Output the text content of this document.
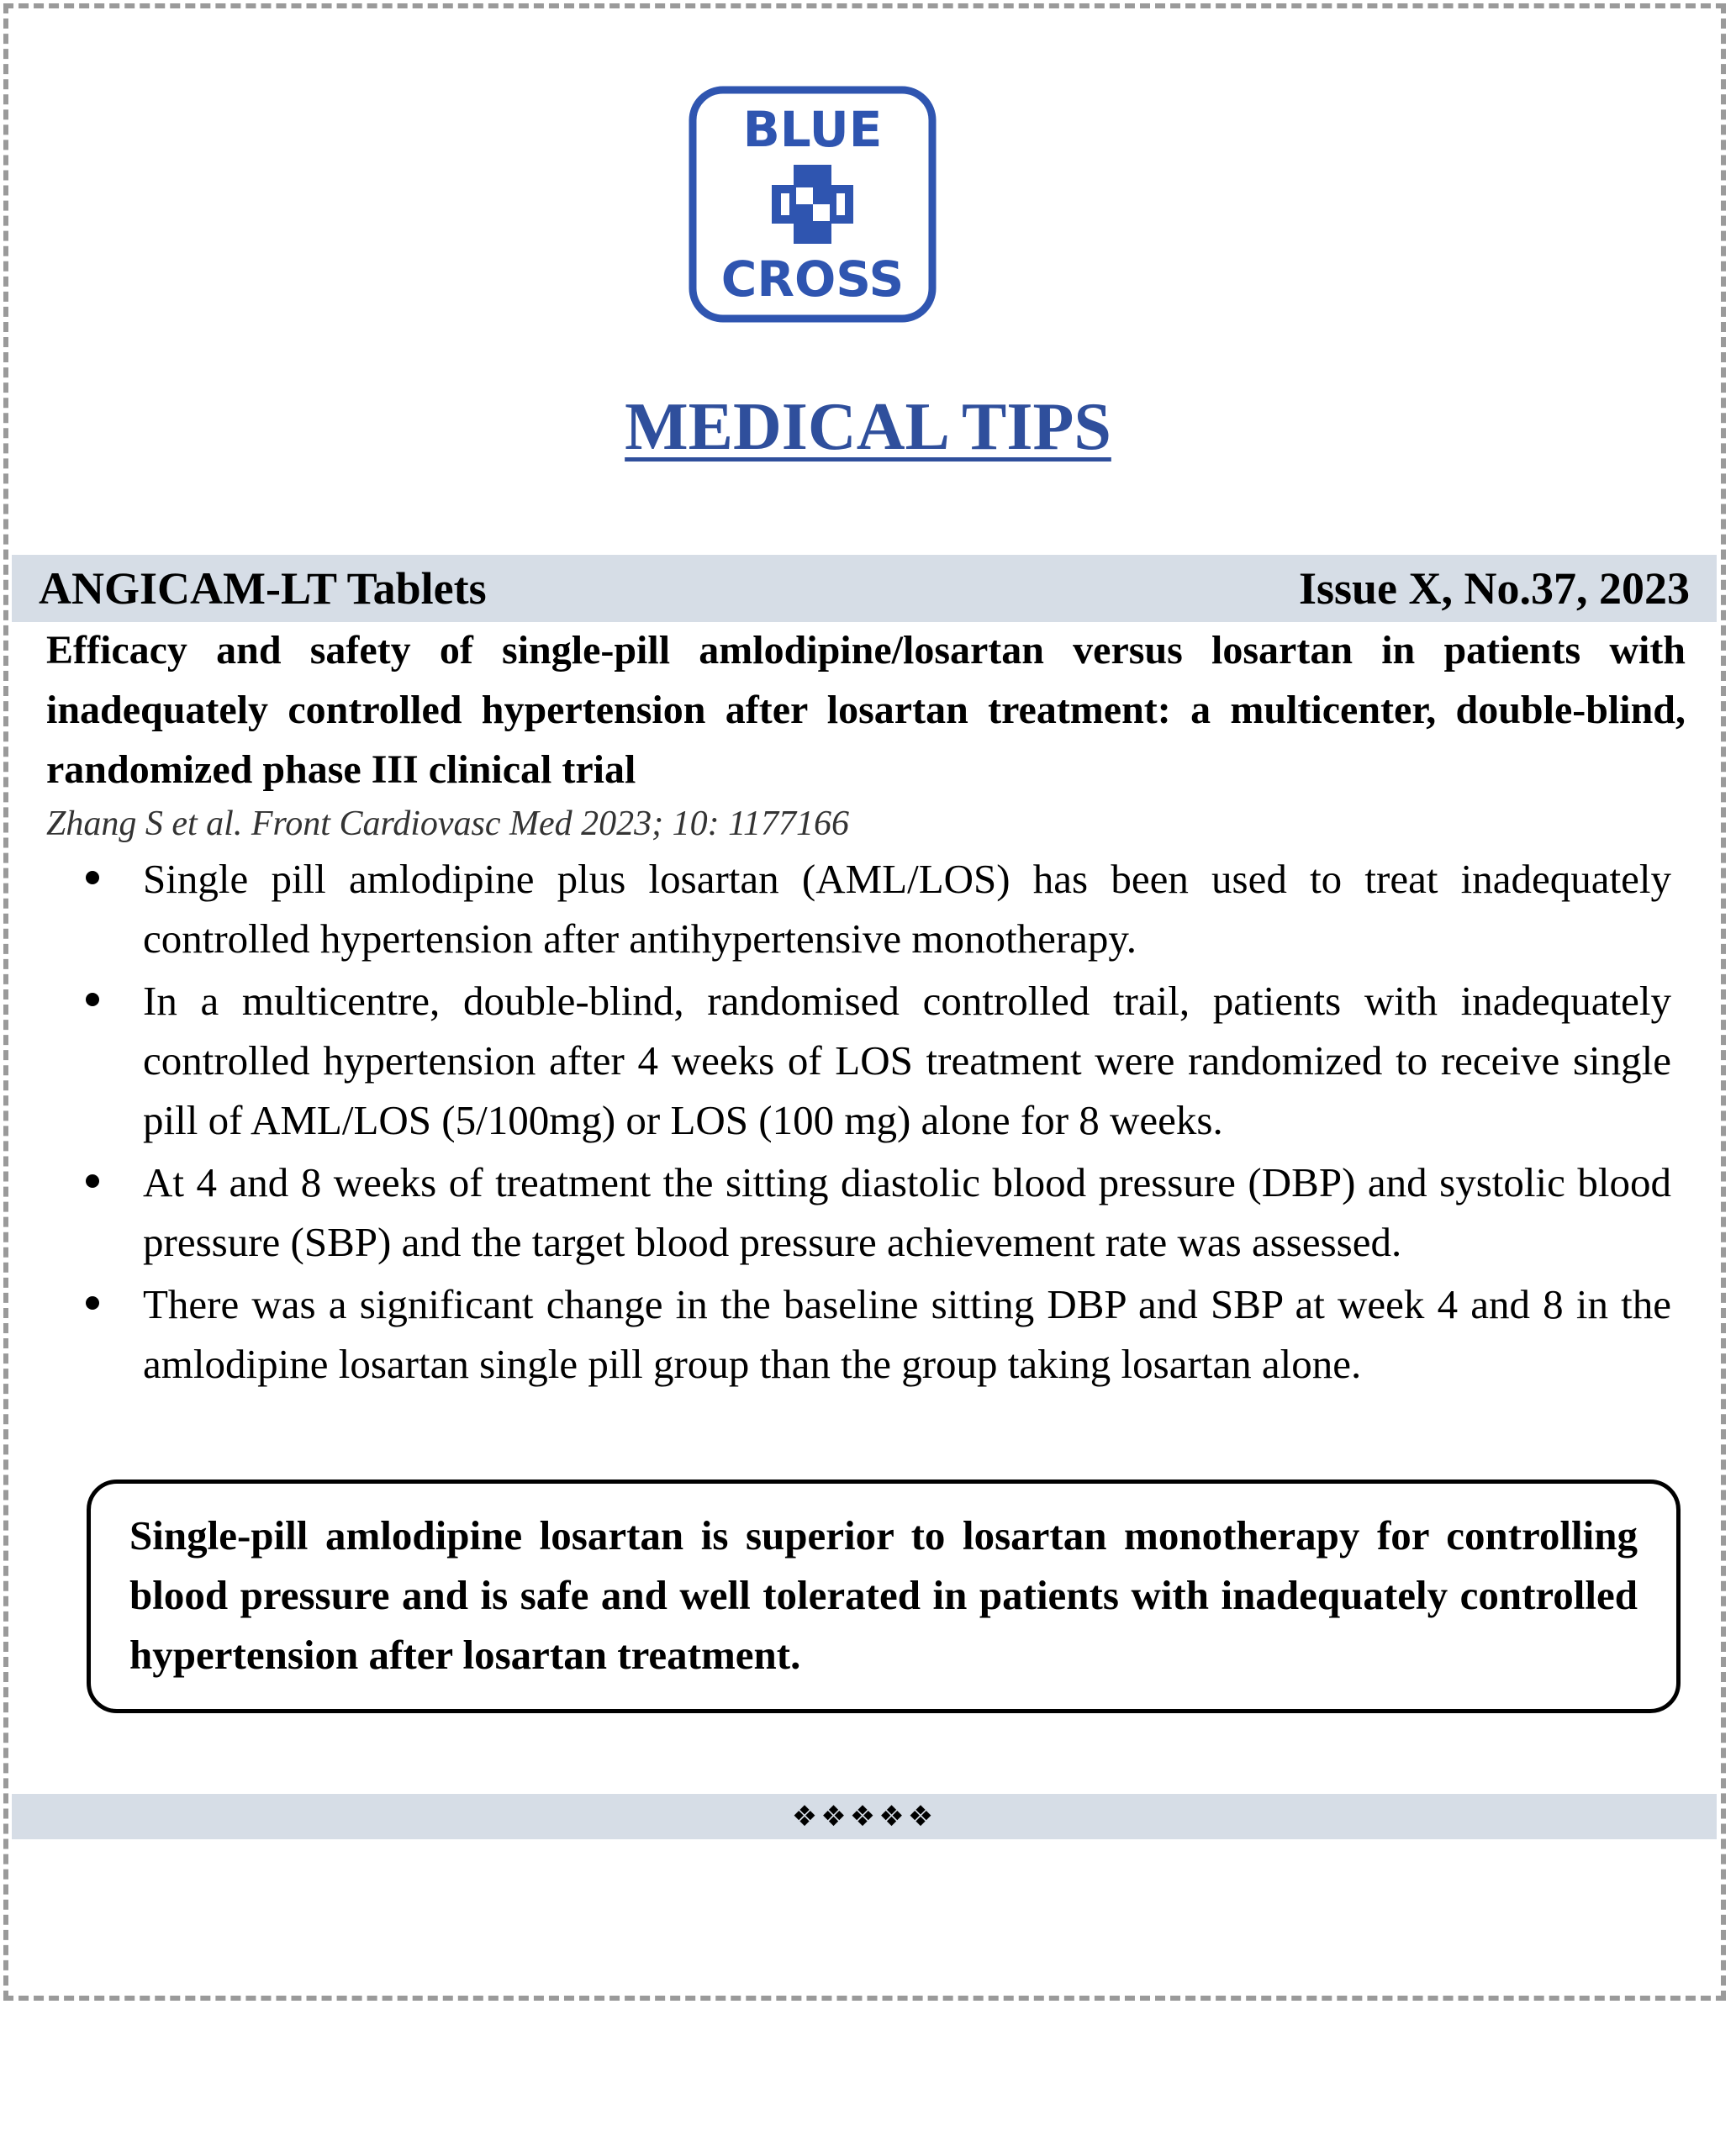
BLUE
CROSS
MEDICAL TIPS
ANGICAM-LT Tablets	Issue X, No.37, 2023
Efficacy and safety of single-pill amlodipine/losartan versus losartan in patients with inadequately controlled hypertension after losartan treatment: a multicenter, double-blind, randomized phase III clinical trial
Zhang S et al. Front Cardiovasc Med 2023; 10: 1177166
Single pill amlodipine plus losartan (AML/LOS) has been used to treat inadequately controlled hypertension after antihypertensive monotherapy.
In a multicentre, double-blind, randomised controlled trail, patients with inadequately controlled hypertension after 4 weeks of LOS treatment were randomized to receive single pill of AML/LOS (5/100mg) or LOS (100 mg) alone for 8 weeks.
At 4 and 8 weeks of treatment the sitting diastolic blood pressure (DBP) and systolic blood pressure (SBP) and the target blood pressure achievement rate was assessed.
There was a significant change in the baseline sitting DBP and SBP at week 4 and 8 in the amlodipine losartan single pill group than the group taking losartan alone.
Single-pill amlodipine losartan is superior to losartan monotherapy for controlling blood pressure and is safe and well tolerated in patients with inadequately controlled hypertension after losartan treatment.
❖❖❖❖❖
